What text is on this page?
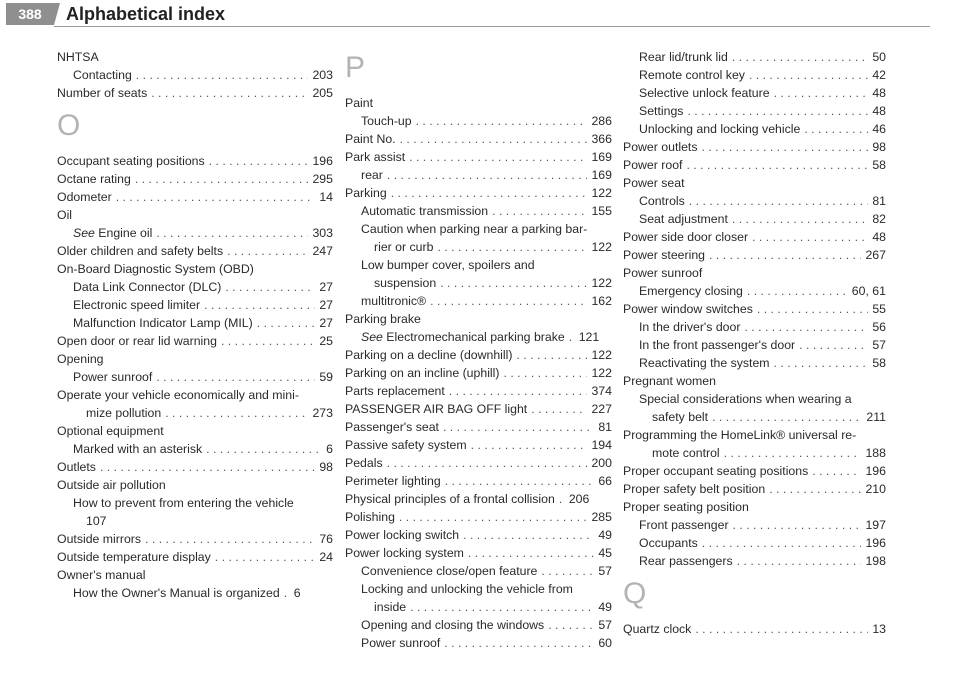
388	Alphabetical index
NHTSA
Contacting . . .	203
Number of seats . . .	205
O
Occupant seating positions . . .	196
Octane rating . . .	295
Odometer . . .	14
Oil
See Engine oil . . .	303
Older children and safety belts . . .	247
On-Board Diagnostic System (OBD)
Data Link Connector (DLC) . . .	27
Electronic speed limiter . . .	27
Malfunction Indicator Lamp (MIL) . . .	27
Open door or rear lid warning . . .	25
Opening
Power sunroof . . .	59
Operate your vehicle economically and mini-
mize pollution . . .	273
Optional equipment
Marked with an asterisk . . .	6
Outlets . . .	98
Outside air pollution
How to prevent from entering the vehicle
107
Outside mirrors . . .	76
Outside temperature display . . .	24
Owner's manual
How the Owner's Manual is organized . . . 6
P
Paint
Touch-up . . .	286
Paint No. . . .	366
Park assist . . .	169
rear . . .	169
Parking . . .	122
Automatic transmission . . .	155
Caution when parking near a parking bar-
rier or curb . . .	122
Low bumper cover, spoilers and
suspension . . .	122
multitronic® . . .	162
Parking brake
See Electromechanical parking brake . . . 121
Parking on a decline (downhill) . . .	122
Parking on an incline (uphill) . . .	122
Parts replacement . . .	374
PASSENGER AIR BAG OFF light . . .	227
Passenger's seat . . .	81
Passive safety system . . .	194
Pedals . . .	200
Perimeter lighting . . .	66
Physical principles of a frontal collision . . . 206
Polishing . . .	285
Power locking switch . . .	49
Power locking system . . .	45
Convenience close/open feature . . .	57
Locking and unlocking the vehicle from
inside . . .	49
Opening and closing the windows . . .	57
Power sunroof . . .	60
Rear lid/trunk lid . . .	50
Remote control key . . .	42
Selective unlock feature . . .	48
Settings . . .	48
Unlocking and locking vehicle . . .	46
Power outlets . . .	98
Power roof . . .	58
Power seat
Controls . . .	81
Seat adjustment . . .	82
Power side door closer . . .	48
Power steering . . .	267
Power sunroof
Emergency closing . . .	60, 61
Power window switches . . .	55
In the driver's door . . .	56
In the front passenger's door . . .	57
Reactivating the system . . .	58
Pregnant women
Special considerations when wearing a
safety belt . . .	211
Programming the HomeLink® universal re-
mote control . . .	188
Proper occupant seating positions . . .	196
Proper safety belt position . . .	210
Proper seating position
Front passenger . . .	197
Occupants . . .	196
Rear passengers . . .	198
Q
Quartz clock . . .	13
